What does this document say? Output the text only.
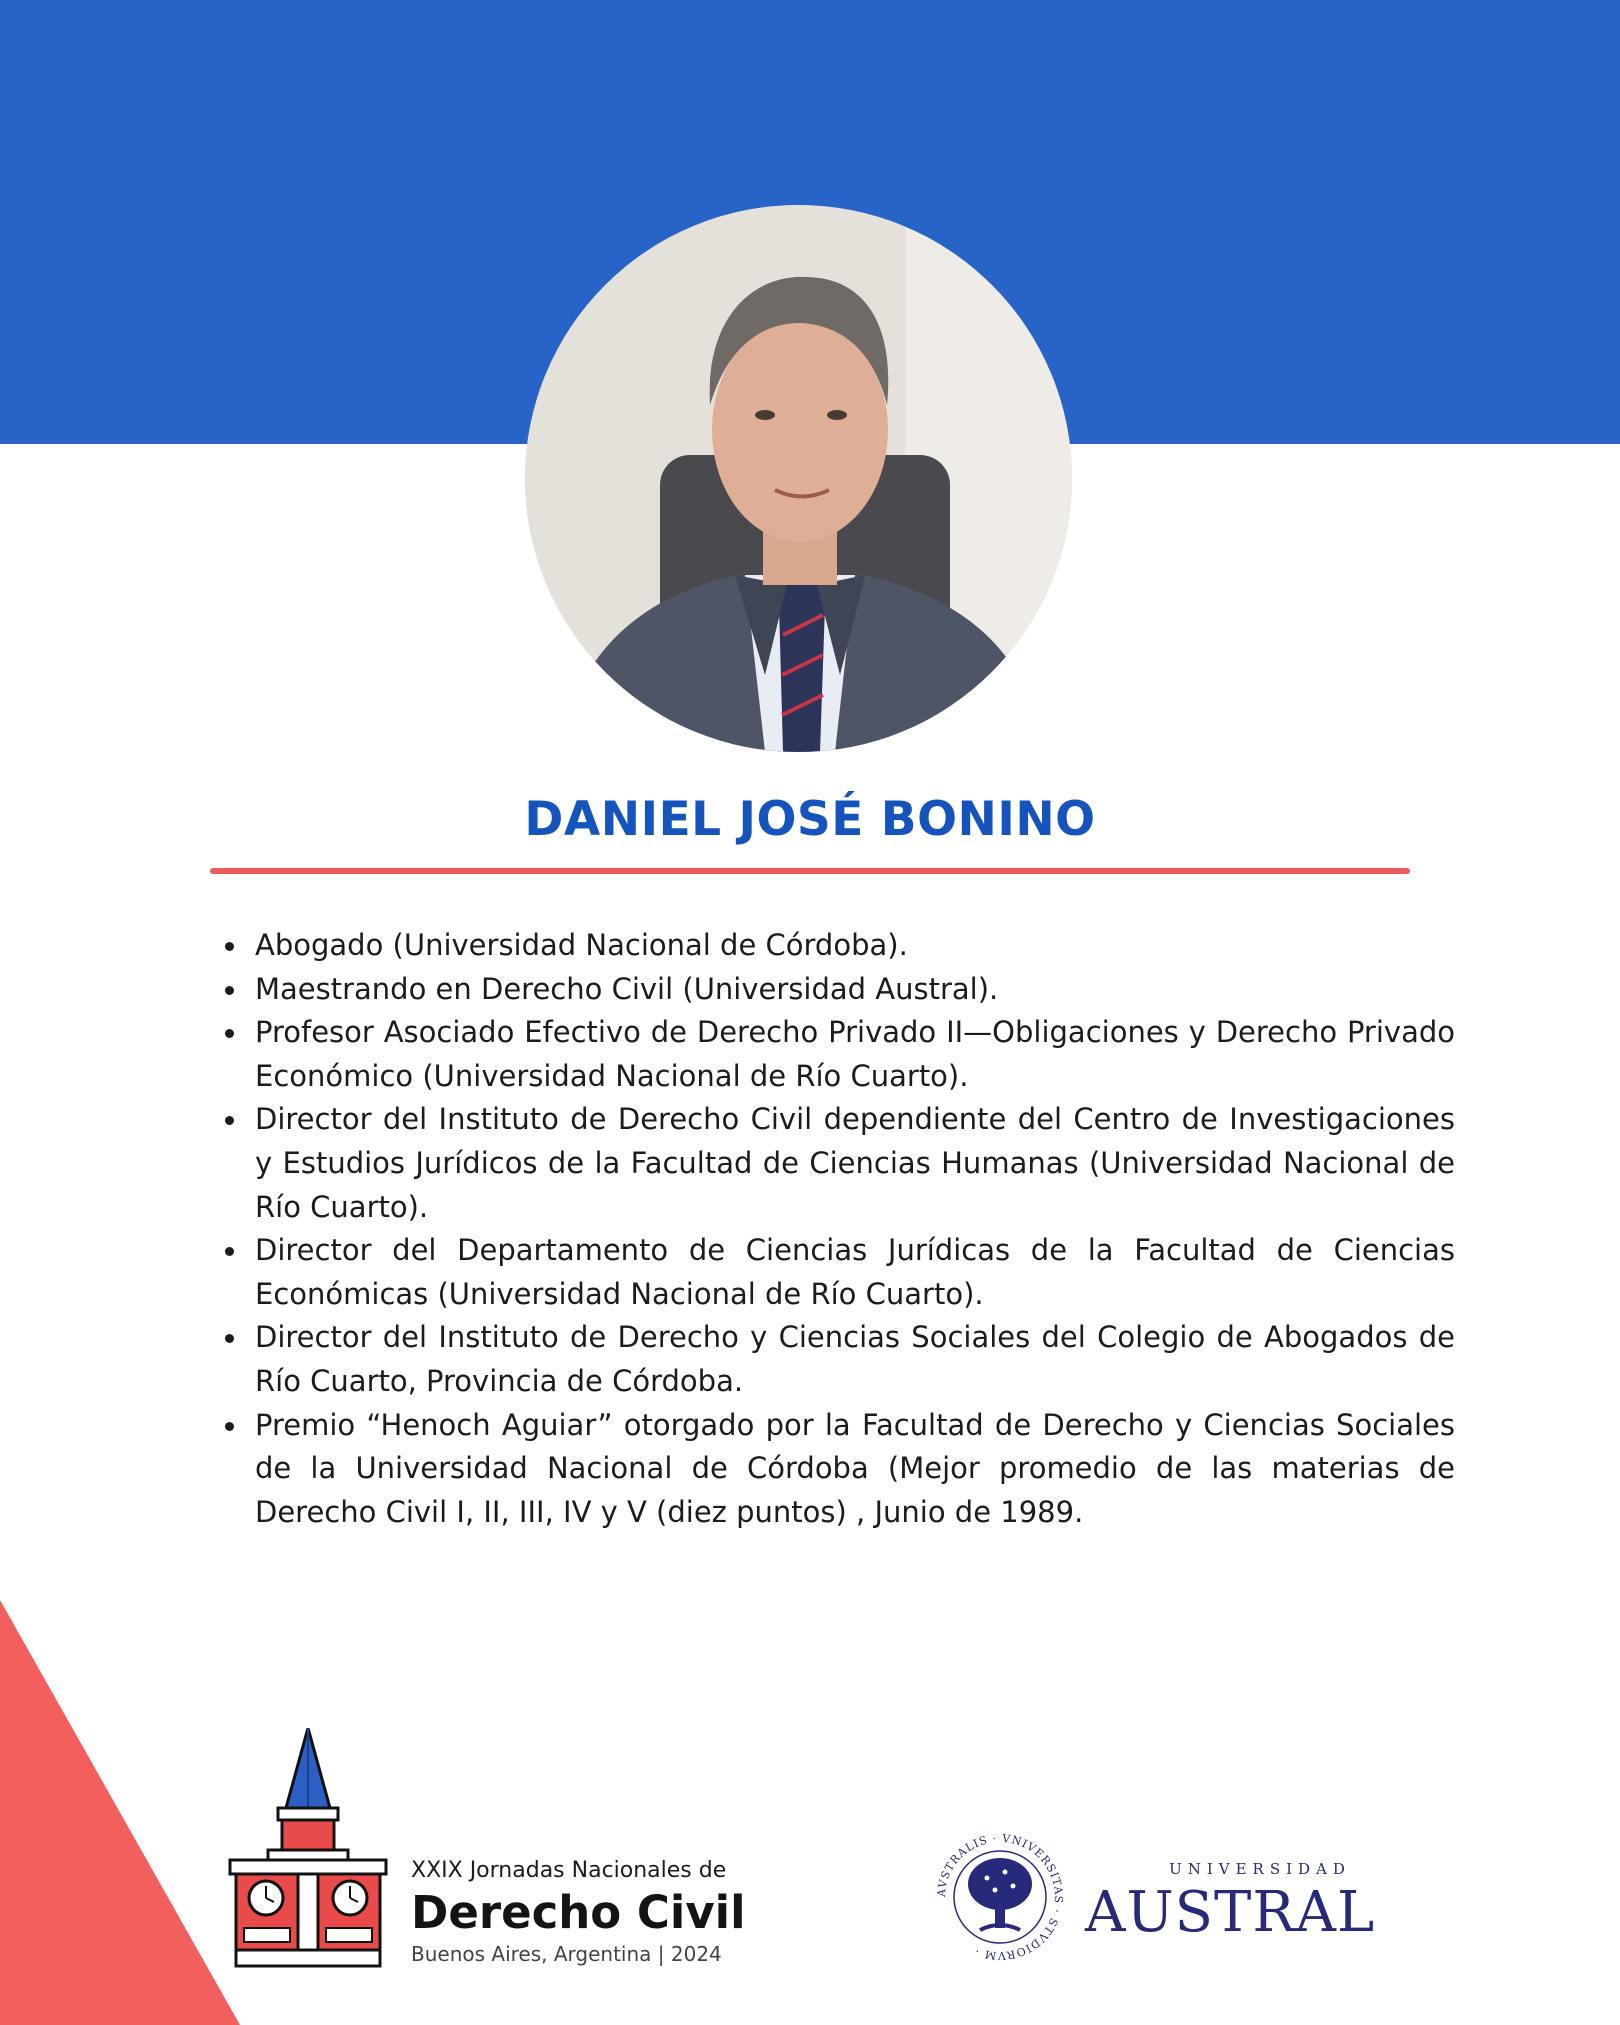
DANIEL JOSÉ BONINO
Abogado (Universidad Nacional de Córdoba).
Maestrando en Derecho Civil (Universidad Austral).
Profesor Asociado Efectivo de Derecho Privado II—Obligaciones y Derecho Privado Económico (Universidad Nacional de Río Cuarto).
Director del Instituto de Derecho Civil dependiente del Centro de Investigaciones y Estudios Jurídicos de la Facultad de Ciencias Humanas (Universidad Nacional de Río Cuarto).
Director del Departamento de Ciencias Jurídicas de la Facultad de Ciencias Económicas (Universidad Nacional de Río Cuarto).
Director del Instituto de Derecho y Ciencias Sociales del Colegio de Abogados de Río Cuarto, Provincia de Córdoba.
Premio “Henoch Aguiar” otorgado por la Facultad de Derecho y Ciencias Sociales de la Universidad Nacional de Córdoba (Mejor promedio de las materias de Derecho Civil I, II, III, IV y V (diez puntos) , Junio de 1989.
XXIX Jornadas Nacionales de
Derecho Civil
Buenos Aires, Argentina | 2024
AVSTRALIS · VNIVERSITAS · STVDIORVM ·
UNIVERSIDAD
AUSTRAL
